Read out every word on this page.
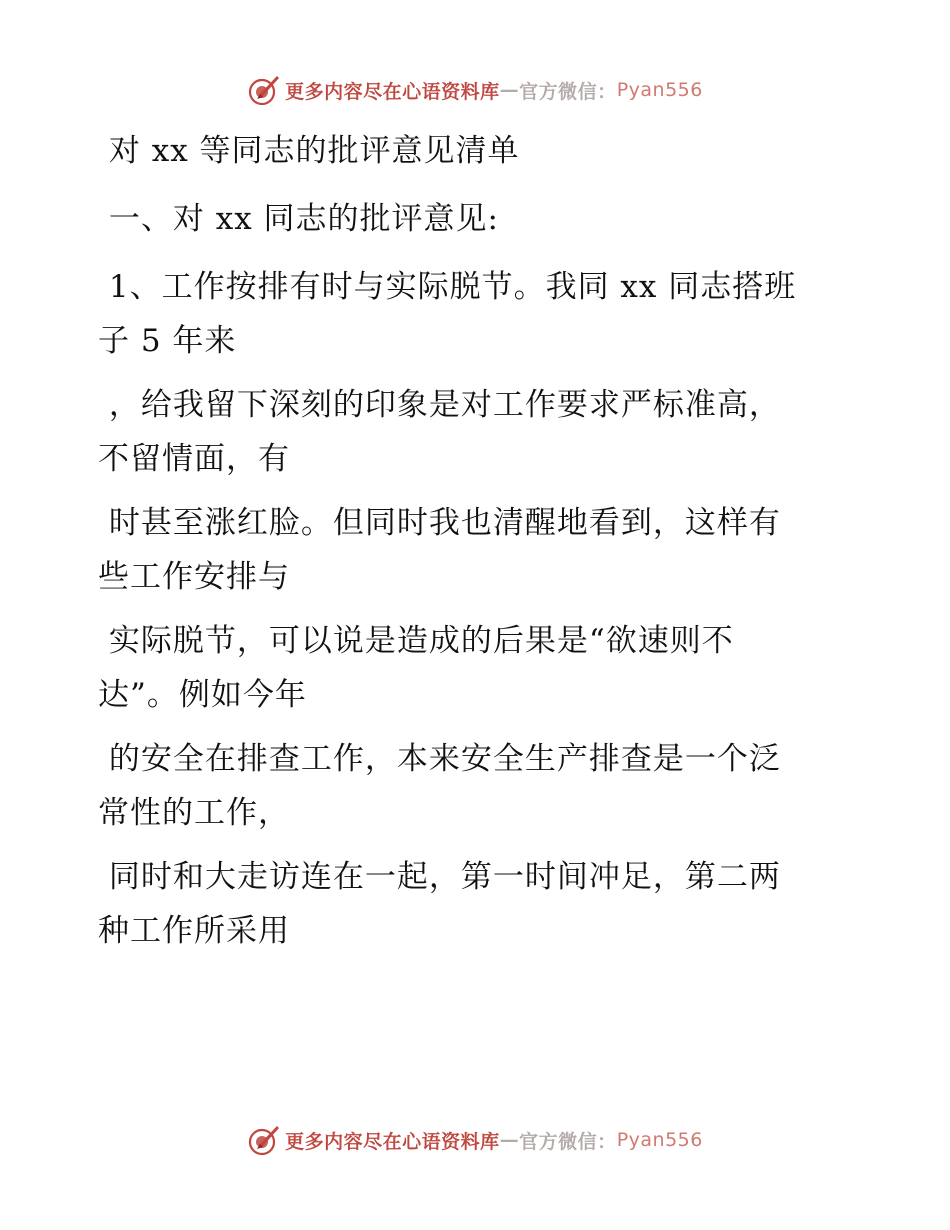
更多内容尽在心语资料库 — 官方微信： Pyan556
对 xx 等同志的批评意见清单
一、对 xx 同志的批评意见:
1、工作按排有时与实际脱节。我同 xx 同志搭班
子 5 年来
，给我留下深刻的印象是对工作要求严标准高，
不留情面，有
时甚至涨红脸。但同时我也清醒地看到，这样有
些工作安排与
实际脱节，可以说是造成的后果是“欲速则不
达”。例如今年
的安全在排查工作，本来安全生产排查是一个泛
常性的工作，
同时和大走访连在一起，第一时间冲足，第二两
种工作所采用
更多内容尽在心语资料库 — 官方微信： Pyan556
